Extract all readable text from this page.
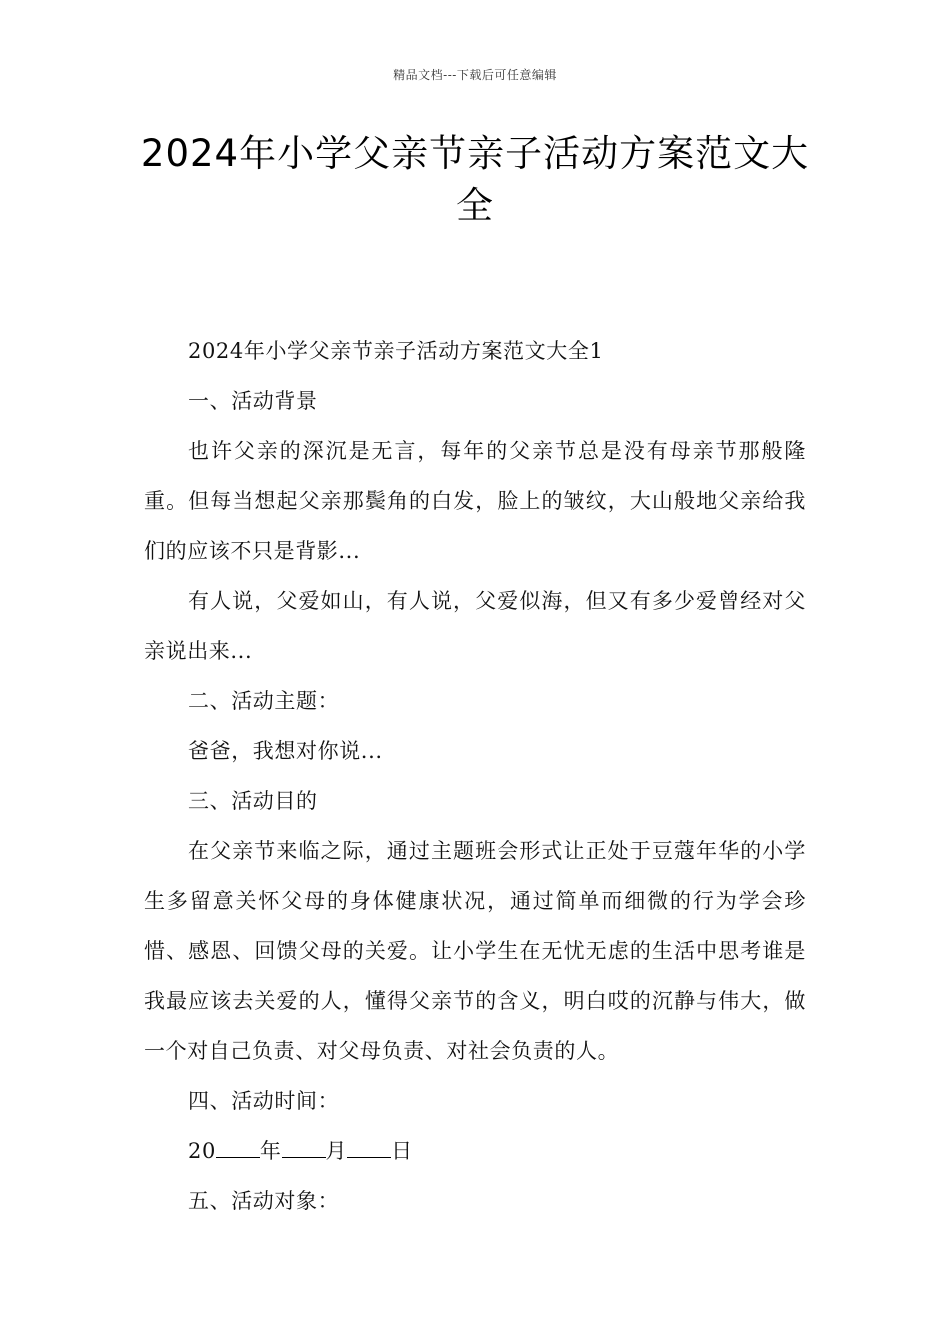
精品文档---下载后可任意编辑
2024年小学父亲节亲子活动方案范文大全

2024年小学父亲节亲子活动方案范文大全1

一、活动背景

也许父亲的深沉是无言，每年的父亲节总是没有母亲节那般隆重。但每当想起父亲那鬓角的白发，脸上的皱纹，大山般地父亲给我们的应该不只是背影...

有人说，父爱如山，有人说，父爱似海，但又有多少爱曾经对父亲说出来...

二、活动主题：

爸爸，我想对你说...

三、活动目的

在父亲节来临之际，通过主题班会形式让正处于豆蔻年华的小学生多留意关怀父母的身体健康状况，通过简单而细微的行为学会珍惜、感恩、回馈父母的关爱。让小学生在无忧无虑的生活中思考谁是我最应该去关爱的人，懂得父亲节的含义，明白哎的沉静与伟大，做一个对自己负责、对父母负责、对社会负责的人。

四、活动时间：

20 年 月 日

五、活动对象：
